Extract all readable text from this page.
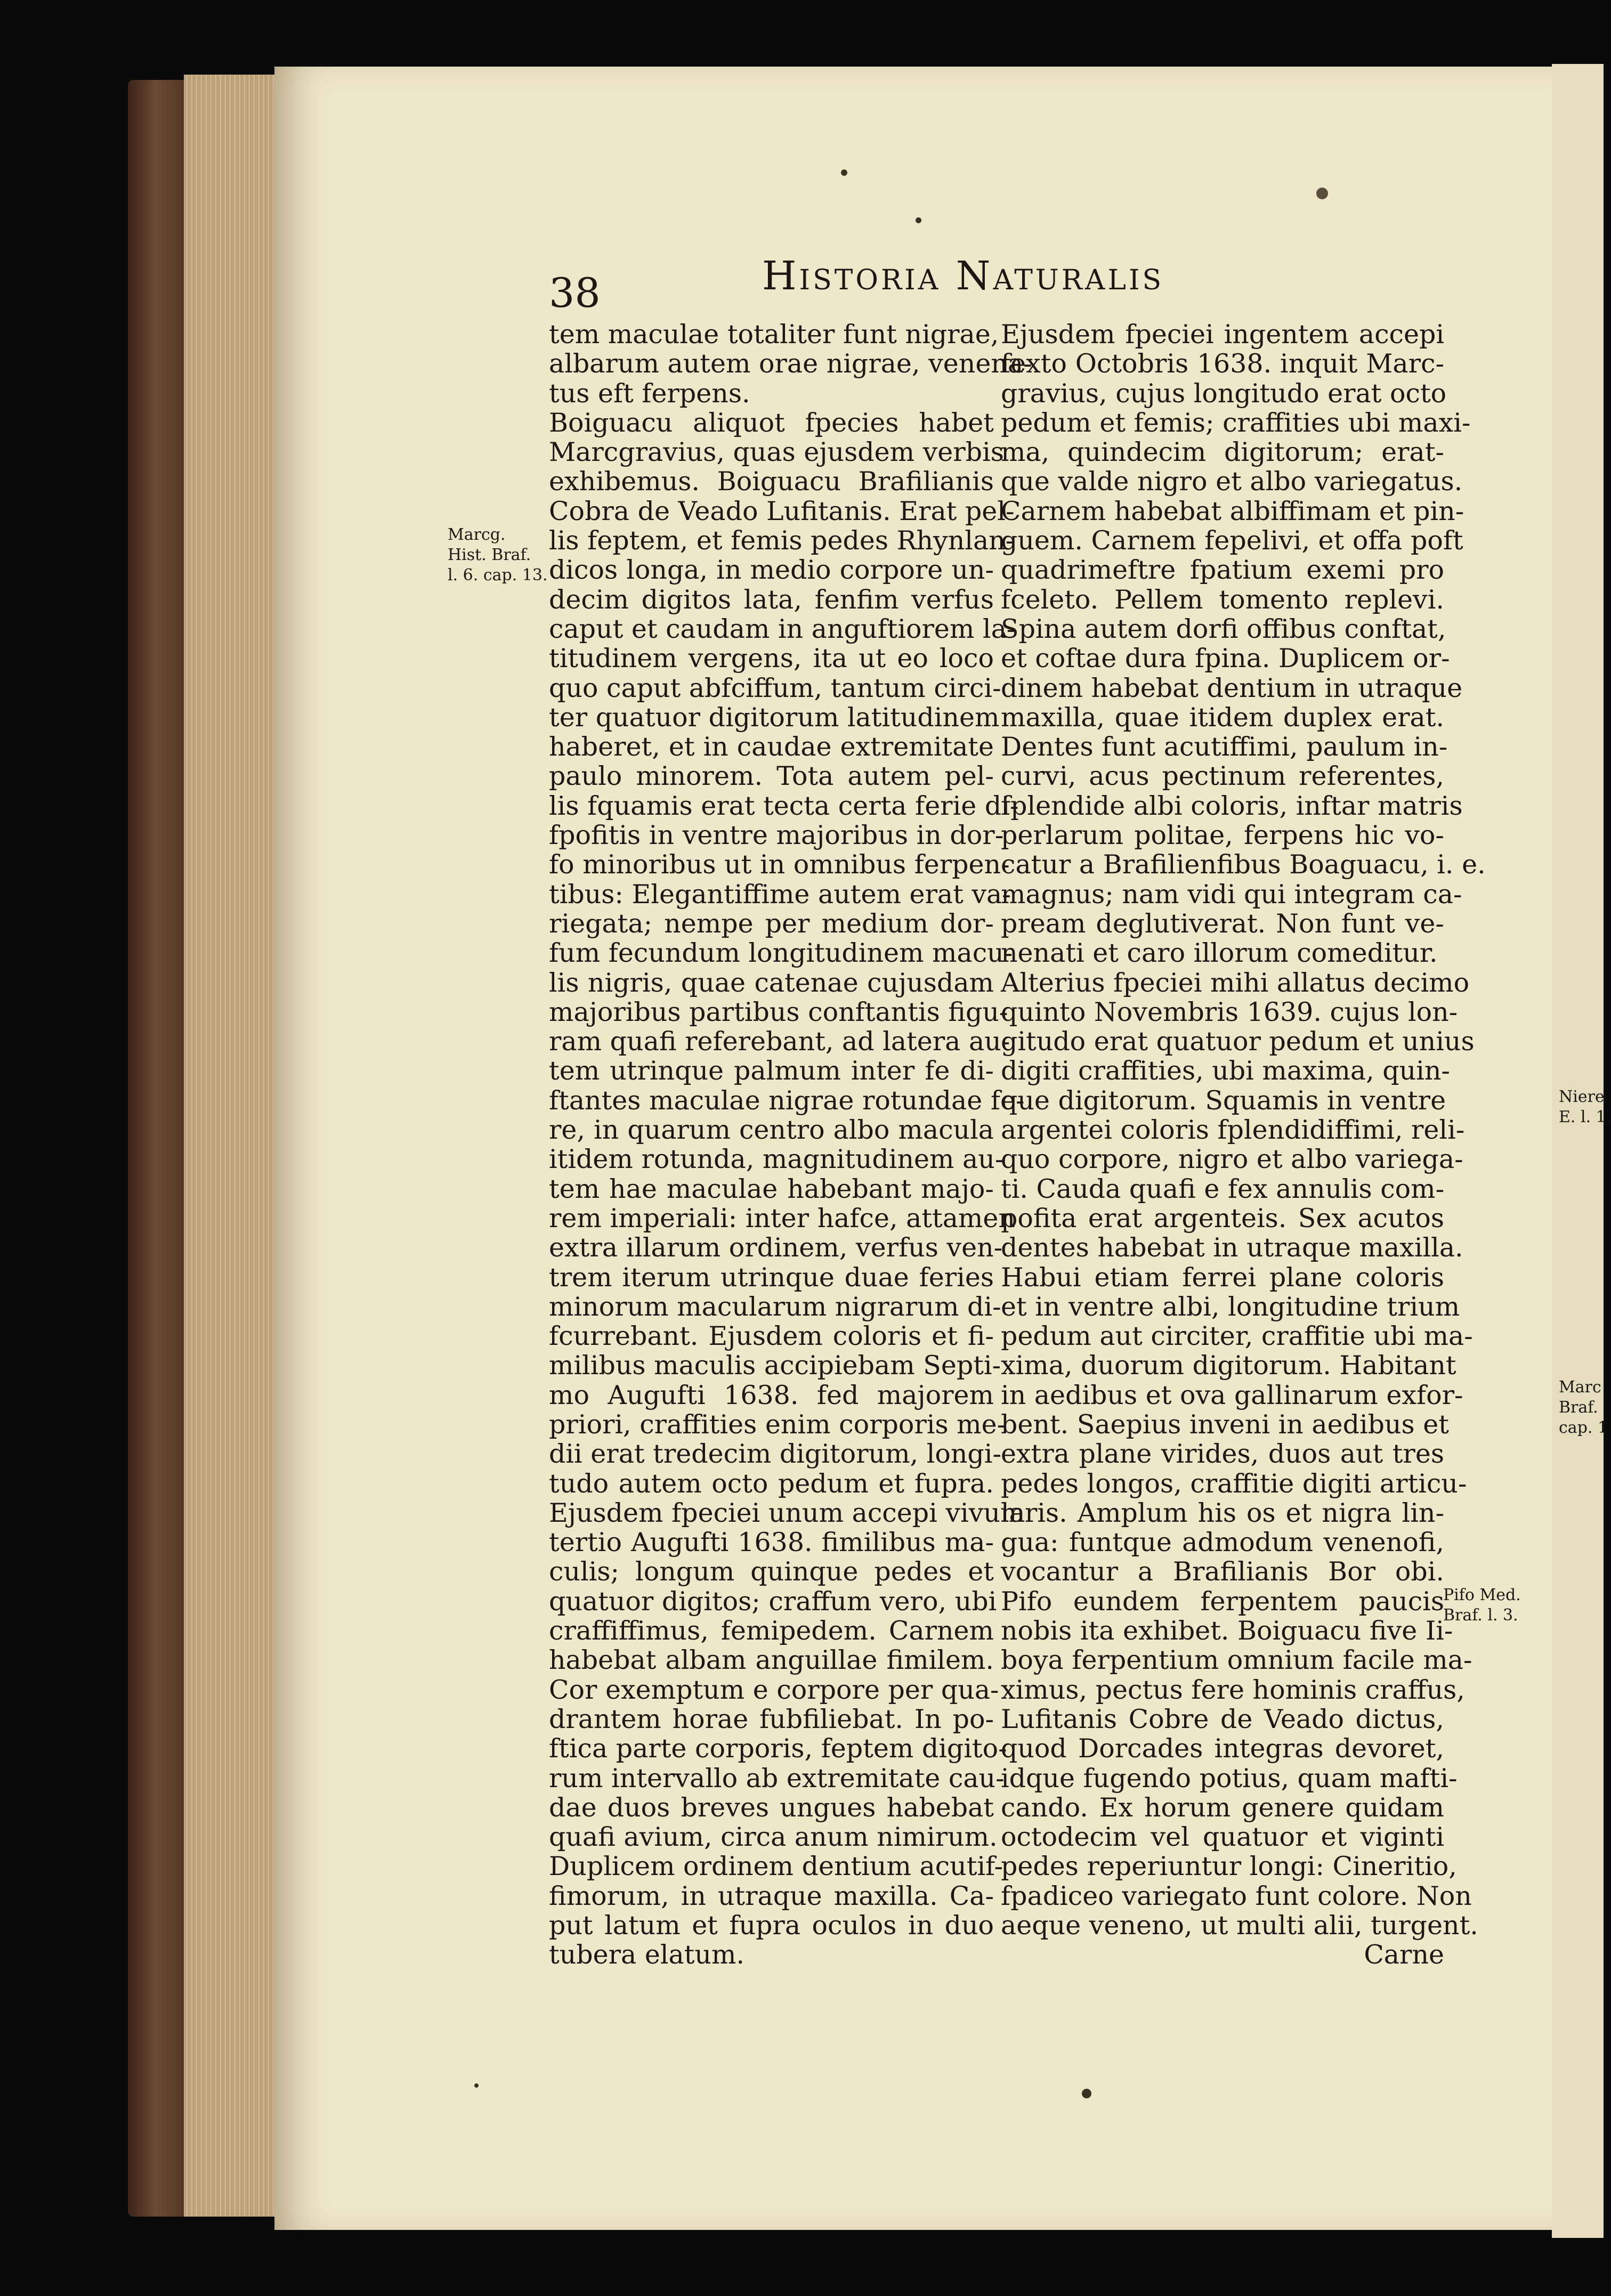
38	Historia Naturalis
Marcg.
Hist. Braf.
l. 6. cap. 13.
Pifo Med.
Braf. l. 3.
Niere
E. l. 1.
Marc
Braf.
cap. 1
tem maculae totaliter funt nigrae,
albarum autem orae nigrae, venena-
tus eft ferpens.
Boiguacu aliquot fpecies habet
Marcgravius, quas ejusdem verbis
exhibemus. Boiguacu Brafilianis
Cobra de Veado Lufitanis. Erat pel-
lis feptem, et femis pedes Rhynlan-
dicos longa, in medio corpore un-
decim digitos lata, fenfim verfus
caput et caudam in anguftiorem la-
titudinem vergens, ita ut eo loco
quo caput abfciffum, tantum circi-
ter quatuor digitorum latitudinem
haberet, et in caudae extremitate
paulo minorem. Tota autem pel-
lis fquamis erat tecta certa ferie di-
fpofitis in ventre majoribus in dor-
fo minoribus ut in omnibus ferpen-
tibus: Elegantiffime autem erat va-
riegata; nempe per medium dor-
fum fecundum longitudinem macu-
lis nigris, quae catenae cujusdam
majoribus partibus conftantis figu-
ram quafi referebant, ad latera au-
tem utrinque palmum inter fe di-
ftantes maculae nigrae rotundae fe-
re, in quarum centro albo macula
itidem rotunda, magnitudinem au-
tem hae maculae habebant majo-
rem imperiali: inter hafce, attamen
extra illarum ordinem, verfus ven-
trem iterum utrinque duae feries
minorum macularum nigrarum di-
fcurrebant. Ejusdem coloris et fi-
milibus maculis accipiebam Septi-
mo Augufti 1638. fed majorem
priori, craffities enim corporis me-
dii erat tredecim digitorum, longi-
tudo autem octo pedum et fupra.
Ejusdem fpeciei unum accepi vivum
tertio Augufti 1638. fimilibus ma-
culis; longum quinque pedes et
quatuor digitos; craffum vero, ubi
craffiffimus, femipedem. Carnem
habebat albam anguillae fimilem.
Cor exemptum e corpore per qua-
drantem horae fubfiliebat. In po-
ftica parte corporis, feptem digito-
rum intervallo ab extremitate cau-
dae duos breves ungues habebat
quafi avium, circa anum nimirum.
Duplicem ordinem dentium acutif-
fimorum, in utraque maxilla. Ca-
put latum et fupra oculos in duo
tubera elatum.
Ejusdem fpeciei ingentem accepi
fexto Octobris 1638. inquit Marc-
gravius, cujus longitudo erat octo
pedum et femis; craffities ubi maxi-
ma, quindecim digitorum; erat-
que valde nigro et albo variegatus.
Carnem habebat albiffimam et pin-
guem. Carnem fepelivi, et offa poft
quadrimeftre fpatium exemi pro
fceleto. Pellem tomento replevi.
Spina autem dorfi offibus conftat,
et coftae dura fpina. Duplicem or-
dinem habebat dentium in utraque
maxilla, quae itidem duplex erat.
Dentes funt acutiffimi, paulum in-
curvi, acus pectinum referentes,
fplendide albi coloris, inftar matris
perlarum politae, ferpens hic vo-
catur a Brafilienfibus Boaguacu, i. e.
magnus; nam vidi qui integram ca-
pream deglutiverat. Non funt ve-
nenati et caro illorum comeditur.
Alterius fpeciei mihi allatus decimo
quinto Novembris 1639. cujus lon-
gitudo erat quatuor pedum et unius
digiti craffities, ubi maxima, quin-
que digitorum. Squamis in ventre
argentei coloris fplendidiffimi, reli-
quo corpore, nigro et albo variega-
ti. Cauda quafi e fex annulis com-
pofita erat argenteis. Sex acutos
dentes habebat in utraque maxilla.
Habui etiam ferrei plane coloris
et in ventre albi, longitudine trium
pedum aut circiter, craffitie ubi ma-
xima, duorum digitorum. Habitant
in aedibus et ova gallinarum exfor-
bent. Saepius inveni in aedibus et
extra plane virides, duos aut tres
pedes longos, craffitie digiti articu-
laris. Amplum his os et nigra lin-
gua: funtque admodum venenofi,
vocantur a Brafilianis Bor obi.
Pifo eundem ferpentem paucis
nobis ita exhibet. Boiguacu five Ii-
boya ferpentium omnium facile ma-
ximus, pectus fere hominis craffus,
Lufitanis Cobre de Veado dictus,
quod Dorcades integras devoret,
idque fugendo potius, quam mafti-
cando. Ex horum genere quidam
octodecim vel quatuor et viginti
pedes reperiuntur longi: Cineritio,
fpadiceo variegato funt colore. Non
aeque veneno, ut multi alii, turgent.
Carne
